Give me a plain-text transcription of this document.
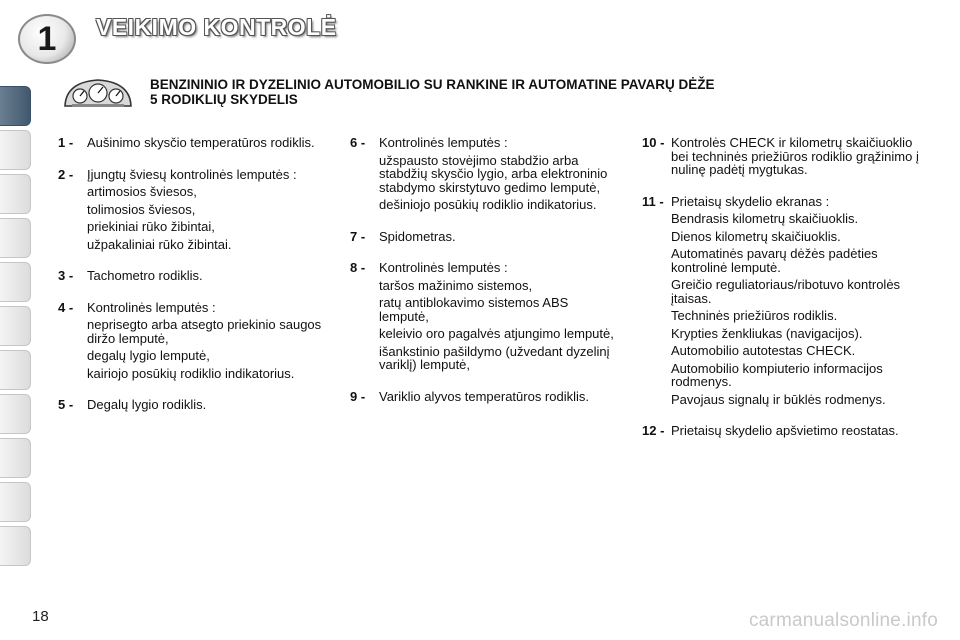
1 VEIKIMO KONTROLĖ
BENZININIO IR DYZELINIO AUTOMOBILIO SU RANKINE IR AUTOMATINE PAVARŲ DĖŽE
5 RODIKLIŲ SKYDELIS
1 - Aušinimo skysčio temperatūros rodiklis.
2 - Įjungtų šviesų kontrolinės lemputės :
artimosios šviesos,
tolimosios šviesos,
priekiniai rūko žibintai,
užpakaliniai rūko žibintai.
3 - Tachometro rodiklis.
4 - Kontrolinės lemputės :
neprisegto arba atsegto priekinio saugos diržo lemputė,
degalų lygio lemputė,
kairiojo posūkių rodiklio indikatorius.
5 - Degalų lygio rodiklis.
6 - Kontrolinės lemputės :
užspausto stovėjimo stabdžio arba stabdžių skysčio lygio, arba elektroninio stabdymo skirstytuvo gedimo lemputė,
dešiniojo posūkių rodiklio indikatorius.
7 - Spidometras.
8 - Kontrolinės lemputės :
taršos mažinimo sistemos,
ratų antiblokavimo sistemos ABS lemputė,
keleivio oro pagalvės atjungimo lemputė,
išankstinio pašildymo (užvedant dyzelinį variklį) lemputė,
9 - Variklio alyvos temperatūros rodiklis.
10 - Kontrolės CHECK ir kilometrų skaičiuoklio bei techninės priežiūros rodiklio grąžinimo į nulinę padėtį mygtukas.
11 - Prietaisų skydelio ekranas :
Bendrasis kilometrų skaičiuoklis.
Dienos kilometrų skaičiuoklis.
Automatinės pavarų dėžės padėties kontrolinė lemputė.
Greičio reguliatoriaus/ribotuvo kontrolės įtaisas.
Techninės priežiūros rodiklis.
Krypties ženkliukas (navigacijos).
Automobilio autotestas CHECK.
Automobilio kompiuterio informacijos rodmenys.
Pavojaus signalų ir būklės rodmenys.
12 - Prietaisų skydelio apšvietimo reostatas.
18	carmanualsonline.info
